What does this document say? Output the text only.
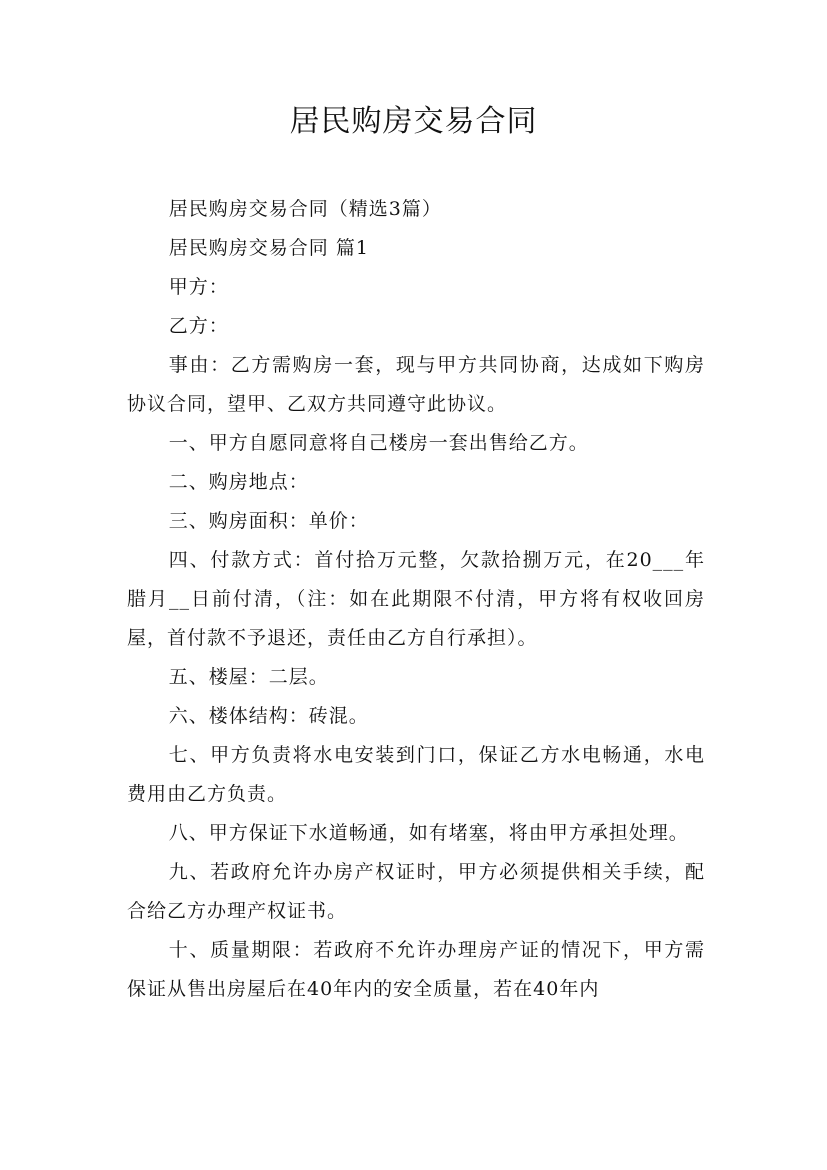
居民购房交易合同

居民购房交易合同（精选3篇）

居民购房交易合同 篇1

甲方：

乙方：

事由：乙方需购房一套，现与甲方共同协商，达成如下购房协议合同，望甲、乙双方共同遵守此协议。

一、甲方自愿同意将自己楼房一套出售给乙方。

二、购房地点：

三、购房面积：单价：

四、付款方式：首付拾万元整，欠款拾捌万元，在20___年腊月__日前付清，（注：如在此期限不付清，甲方将有权收回房屋，首付款不予退还，责任由乙方自行承担）。

五、楼屋：二层。

六、楼体结构：砖混。

七、甲方负责将水电安装到门口，保证乙方水电畅通，水电费用由乙方负责。

八、甲方保证下水道畅通，如有堵塞，将由甲方承担处理。

九、若政府允许办房产权证时，甲方必须提供相关手续，配合给乙方办理产权证书。

十、质量期限：若政府不允许办理房产证的情况下，甲方需保证从售出房屋后在40年内的安全质量，若在40年内
